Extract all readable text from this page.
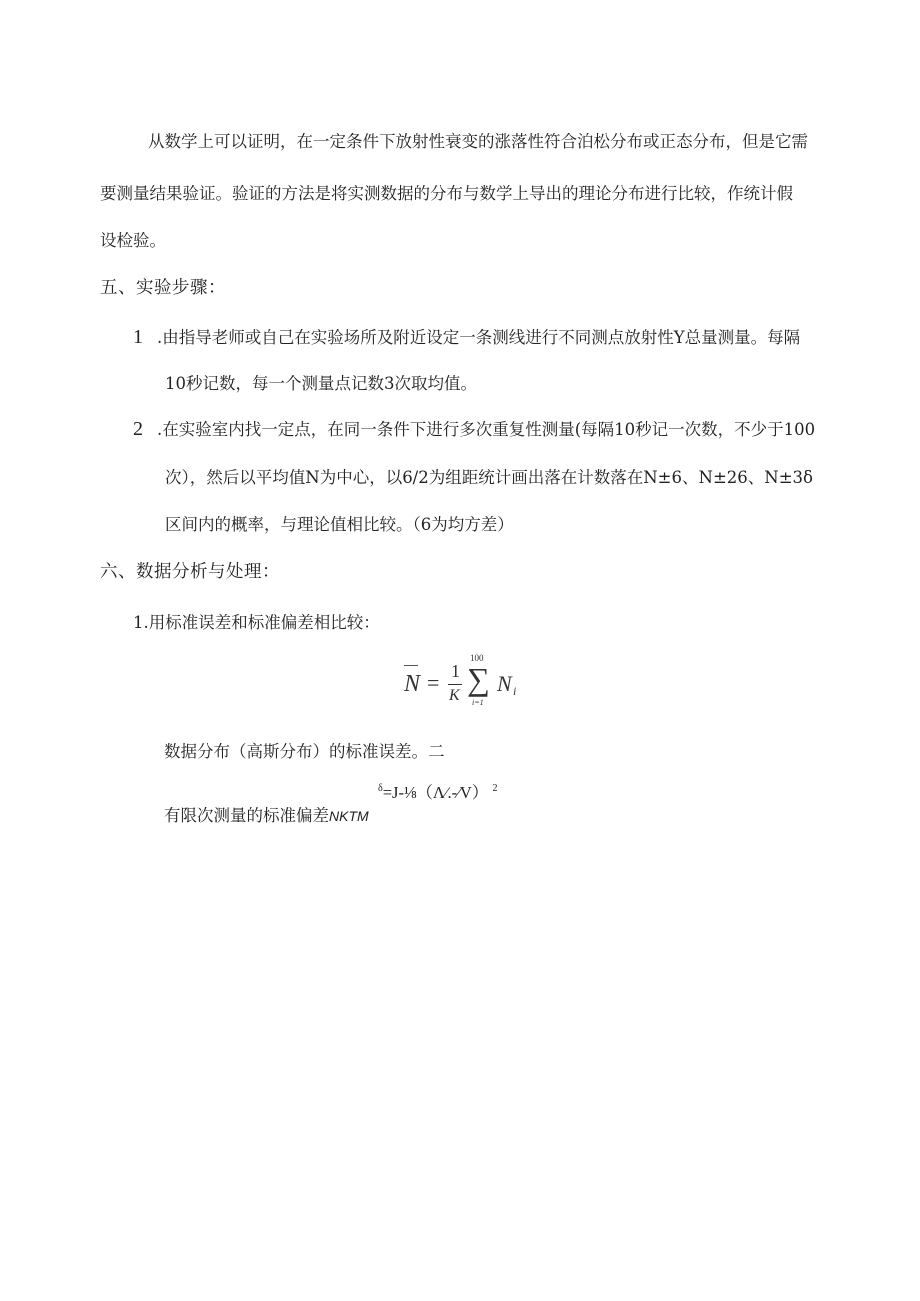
从数学上可以证明，在一定条件下放射性衰变的涨落性符合泊松分布或正态分布，但是它需
要测量结果验证。验证的方法是将实测数据的分布与数学上导出的理论分布进行比较，作统计假
设检验。
五、实验步骤：
1 .由指导老师或自己在实验场所及附近设定一条测线进行不同测点放射性Y总量测量。每隔
10秒记数，每一个测量点记数3次取均值。
2 .在实验室内找一定点，在同一条件下进行多次重复性测量(每隔10秒记一次数，不少于100
次），然后以平均值N为中心，以6/2为组距统计画出落在计数落在N±6、N±26、N±3δ
区间内的概率，与理论值相比较。（6为均方差）
六、数据分析与处理：
1.用标准误差和标准偏差相比较：
N = 1
K
100
∑
i=1
N i
数据分布（高斯分布）的标准误差。二
$^\delta$=J-⅛（Λ∕.-∕V） $^2$
有限次测量的标准偏差NKTM
